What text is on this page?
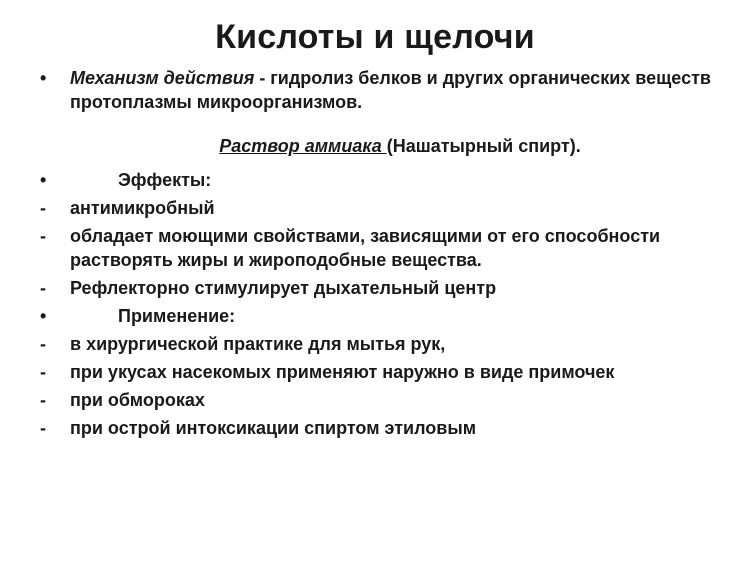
Кислоты и щелочи
•	Механизм действия - гидролиз белков и других органических веществ протоплазмы микроорганизмов.
Раствор аммиака (Нашатырный спирт).
•	Эффекты:
-	антимикробный
-	обладает моющими свойствами, зависящими от его способности растворять жиры и жироподобные вещества.
-	Рефлекторно стимулирует дыхательный центр
•	Применение:
-	в хирургической практике для мытья рук,
-	при укусах насекомых применяют наружно в виде примочек
-	при обмороках
-	при острой интоксикации спиртом этиловым
